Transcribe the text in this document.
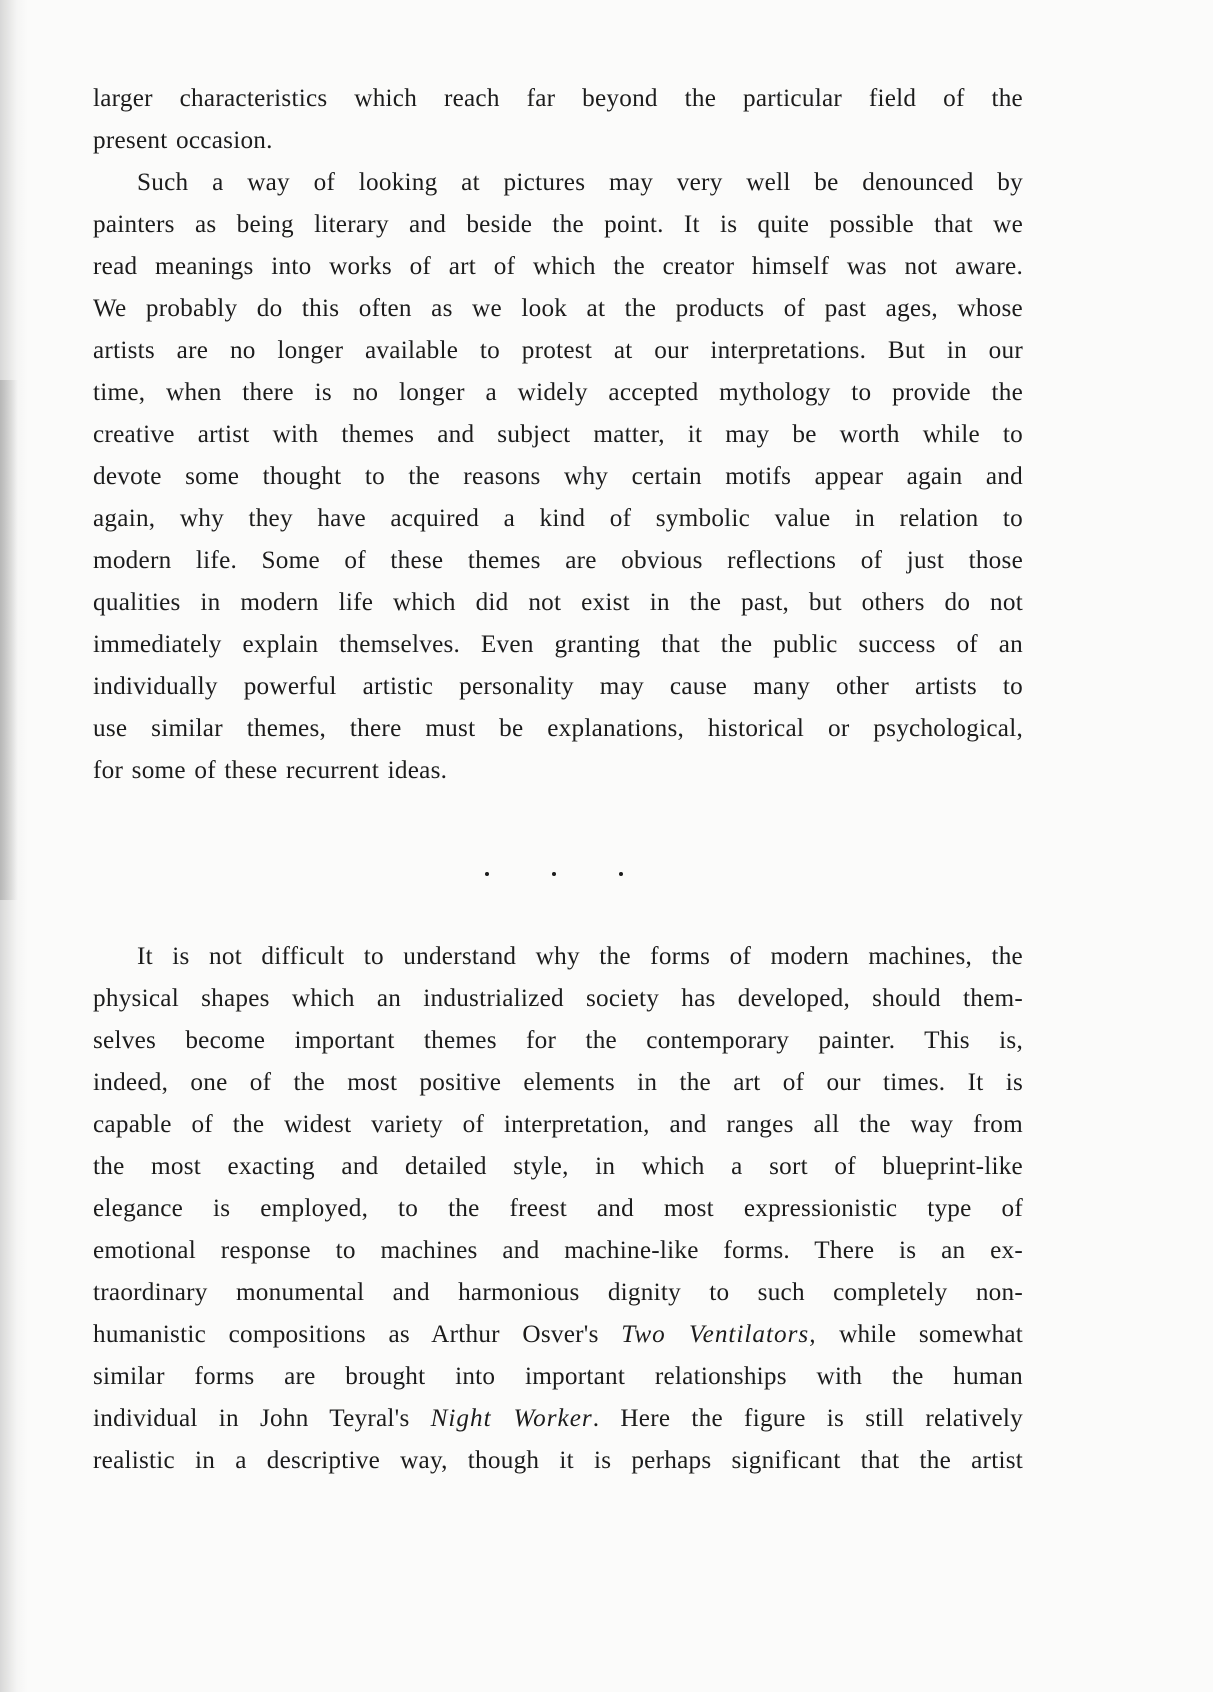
larger characteristics which reach far beyond the particular field of the
present occasion.

Such a way of looking at pictures may very well be denounced by
painters as being literary and beside the point. It is quite possible that we
read meanings into works of art of which the creator himself was not aware.
We probably do this often as we look at the products of past ages, whose
artists are no longer available to protest at our interpretations. But in our
time, when there is no longer a widely accepted mythology to provide the
creative artist with themes and subject matter, it may be worth while to
devote some thought to the reasons why certain motifs appear again and
again, why they have acquired a kind of symbolic value in relation to
modern life. Some of these themes are obvious reflections of just those
qualities in modern life which did not exist in the past, but others do not
immediately explain themselves. Even granting that the public success of an
individually powerful artistic personality may cause many other artists to
use similar themes, there must be explanations, historical or psychological,
for some of these recurrent ideas.

It is not difficult to understand why the forms of modern machines, the
physical shapes which an industrialized society has developed, should them-
selves become important themes for the contemporary painter. This is,
indeed, one of the most positive elements in the art of our times. It is
capable of the widest variety of interpretation, and ranges all the way from
the most exacting and detailed style, in which a sort of blueprint-like
elegance is employed, to the freest and most expressionistic type of
emotional response to machines and machine-like forms. There is an ex-
traordinary monumental and harmonious dignity to such completely non-
humanistic compositions as Arthur Osver's Two Ventilators, while somewhat
similar forms are brought into important relationships with the human
individual in John Teyral's Night Worker. Here the figure is still relatively
realistic in a descriptive way, though it is perhaps significant that the artist
